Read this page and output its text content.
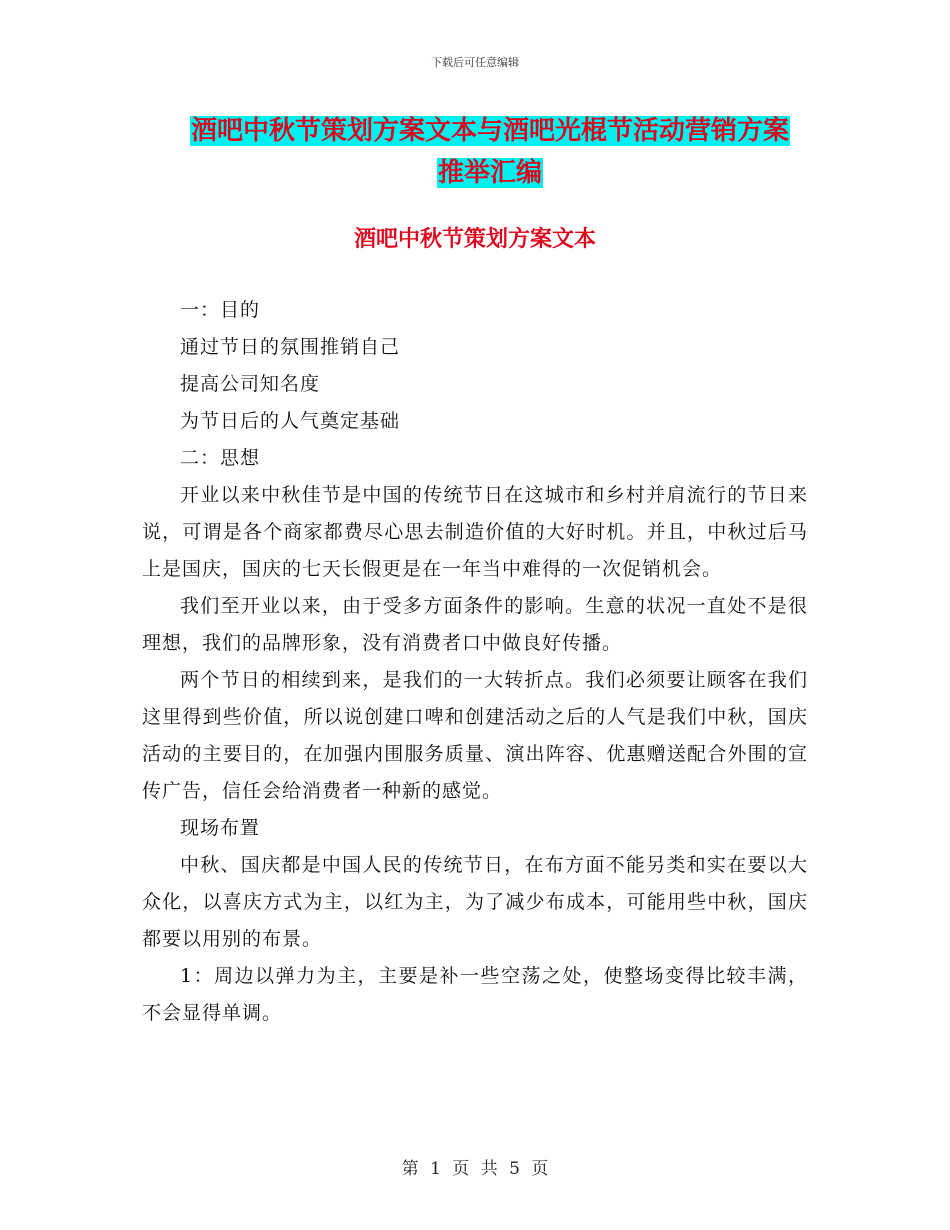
下载后可任意编辑
酒吧中秋节策划方案文本与酒吧光棍节活动营销方案
推举汇编
酒吧中秋节策划方案文本

一：目的

通过节日的氛围推销自己

提高公司知名度

为节日后的人气奠定基础

二：思想

开业以来中秋佳节是中国的传统节日在这城市和乡村并肩流行的节日来说，可谓是各个商家都费尽心思去制造价值的大好时机。并且，中秋过后马上是国庆，国庆的七天长假更是在一年当中难得的一次促销机会。

我们至开业以来，由于受多方面条件的影响。生意的状况一直处不是很理想，我们的品牌形象，没有消费者口中做良好传播。

两个节日的相续到来，是我们的一大转折点。我们必须要让顾客在我们这里得到些价值，所以说创建口啤和创建活动之后的人气是我们中秋，国庆活动的主要目的，在加强内围服务质量、演出阵容、优惠赠送配合外围的宣传广告，信任会给消费者一种新的感觉。

现场布置

中秋、国庆都是中国人民的传统节日，在布方面不能另类和实在要以大众化，以喜庆方式为主，以红为主，为了减少布成本，可能用些中秋，国庆都要以用别的布景。

1：周边以弹力为主，主要是补一些空荡之处，使整场变得比较丰满，不会显得单调。

第 1 页 共 5 页
